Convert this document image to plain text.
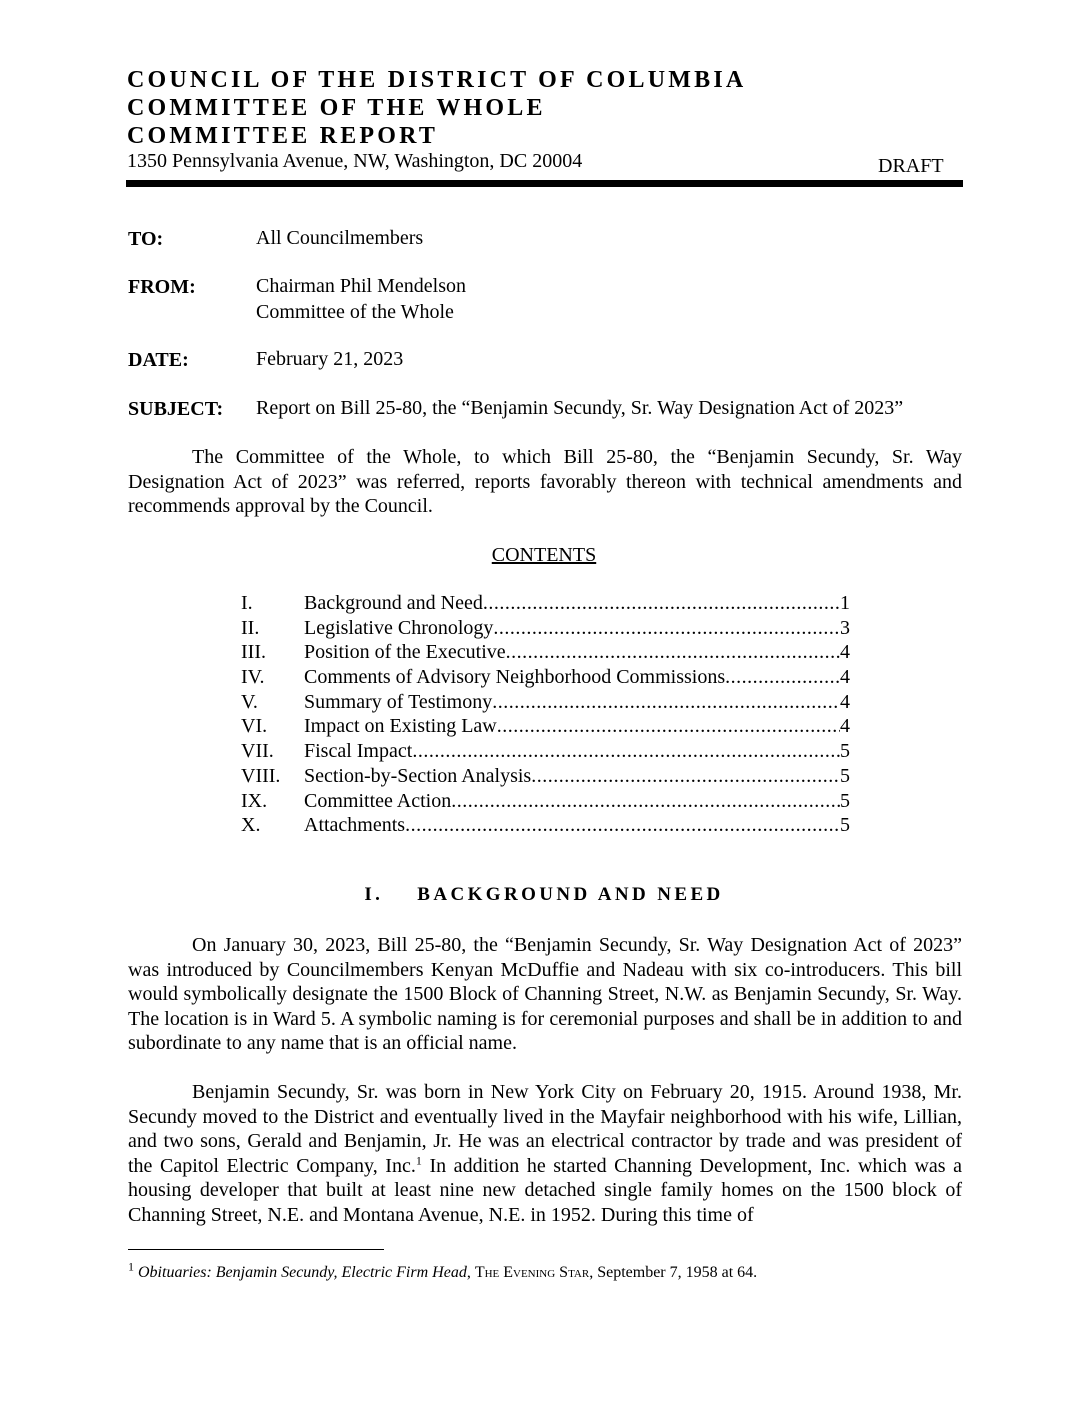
COUNCIL OF THE DISTRICT OF COLUMBIA
COMMITTEE OF THE WHOLE
COMMITTEE REPORT
1350 Pennsylvania Avenue, NW, Washington, DC 20004	DRAFT
TO:	All Councilmembers
FROM:	Chairman Phil Mendelson
Committee of the Whole
DATE:	February 21, 2023
SUBJECT: Report on Bill 25-80, the “Benjamin Secundy, Sr. Way Designation Act of 2023”
The Committee of the Whole, to which Bill 25-80, the “Benjamin Secundy, Sr. Way Designation Act of 2023” was referred, reports favorably thereon with technical amendments and recommends approval by the Council.
CONTENTS
I.	Background and Need .....	1
II.	Legislative Chronology .....	3
III.	Position of the Executive .....	4
IV.	Comments of Advisory Neighborhood Commissions .....	4
V.	Summary of Testimony .....	4
VI.	Impact on Existing Law .....	4
VII.	Fiscal Impact .....	5
VIII.	Section-by-Section Analysis .....	5
IX.	Committee Action .....	5
X.	Attachments .....	5
I. BACKGROUND AND NEED
On January 30, 2023, Bill 25-80, the “Benjamin Secundy, Sr. Way Designation Act of 2023” was introduced by Councilmembers Kenyan McDuffie and Nadeau with six co-introducers. This bill would symbolically designate the 1500 Block of Channing Street, N.W. as Benjamin Secundy, Sr. Way. The location is in Ward 5. A symbolic naming is for ceremonial purposes and shall be in addition to and subordinate to any name that is an official name.
Benjamin Secundy, Sr. was born in New York City on February 20, 1915. Around 1938, Mr. Secundy moved to the District and eventually lived in the Mayfair neighborhood with his wife, Lillian, and two sons, Gerald and Benjamin, Jr. He was an electrical contractor by trade and was president of the Capitol Electric Company, Inc.$^1$ In addition he started Channing Development, Inc. which was a housing developer that built at least nine new detached single family homes on the 1500 block of Channing Street, N.E. and Montana Avenue, N.E. in 1952. During this time of
$^1$ Obituaries: Benjamin Secundy, Electric Firm Head, The Evening Star, September 7, 1958 at 64.
